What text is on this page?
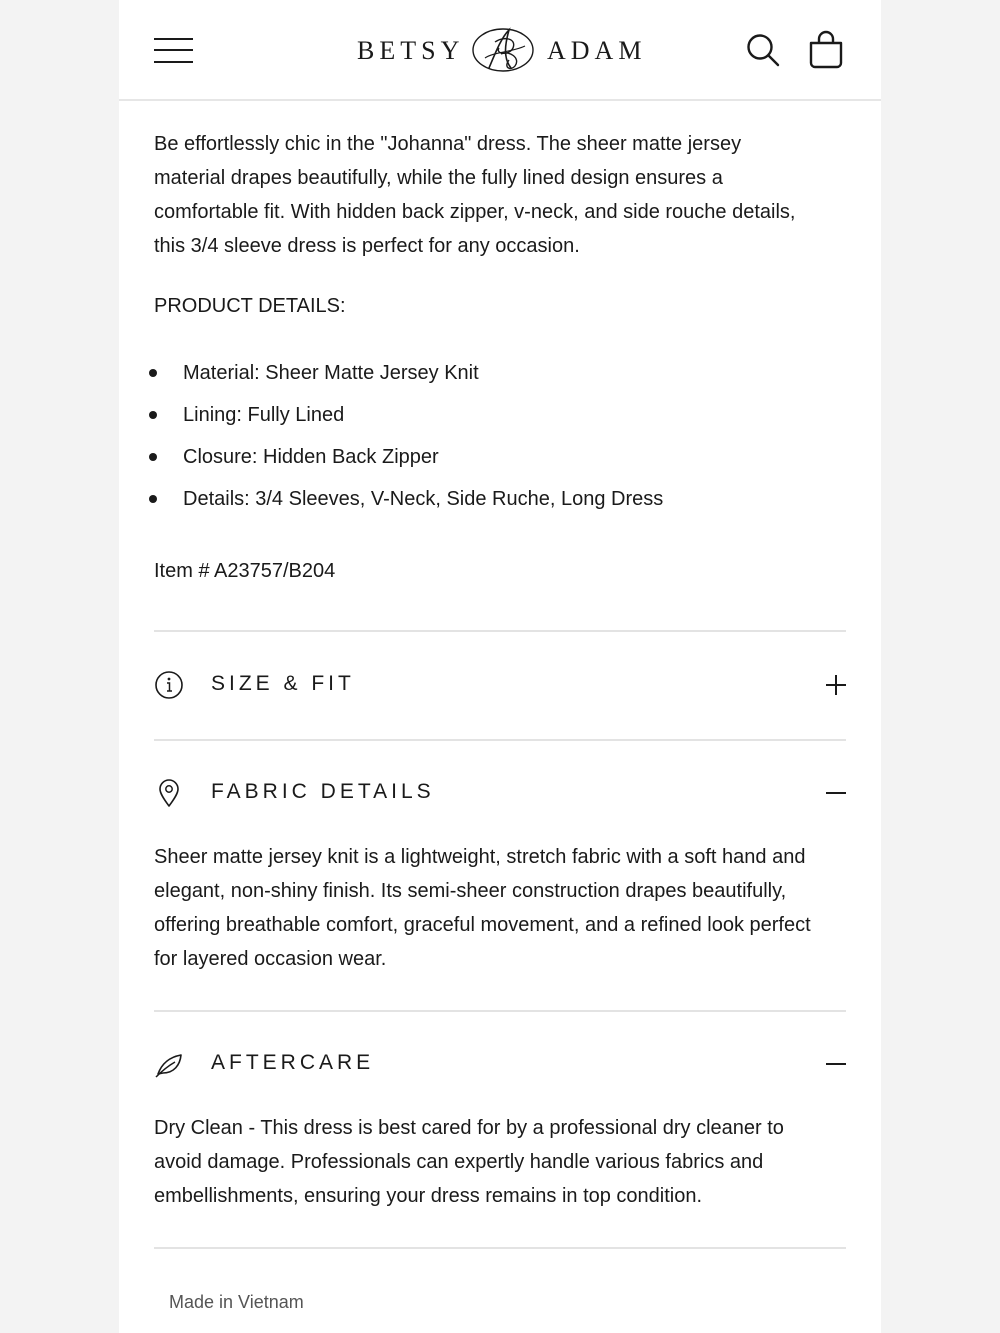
BETSY	ADAM

Be effortlessly chic in the "Johanna" dress. The sheer matte jersey material drapes beautifully, while the fully lined design ensures a comfortable fit. With hidden back zipper, v-neck, and side rouche details, this 3/4 sleeve dress is perfect for any occasion.

PRODUCT DETAILS:

Material: Sheer Matte Jersey Knit
Lining: Fully Lined
Closure: Hidden Back Zipper
Details: 3/4 Sleeves, V-Neck, Side Ruche, Long Dress

Item # A23757/B204

SIZE & FIT
FABRIC DETAILS

Sheer matte jersey knit is a lightweight, stretch fabric with a soft hand and elegant, non-shiny finish. Its semi-sheer construction drapes beautifully, offering breathable comfort, graceful movement, and a refined look perfect for layered occasion wear.

AFTERCARE

Dry Clean - This dress is best cared for by a professional dry cleaner to avoid damage. Professionals can expertly handle various fabrics and embellishments, ensuring your dress remains in top condition.

Made in Vietnam
